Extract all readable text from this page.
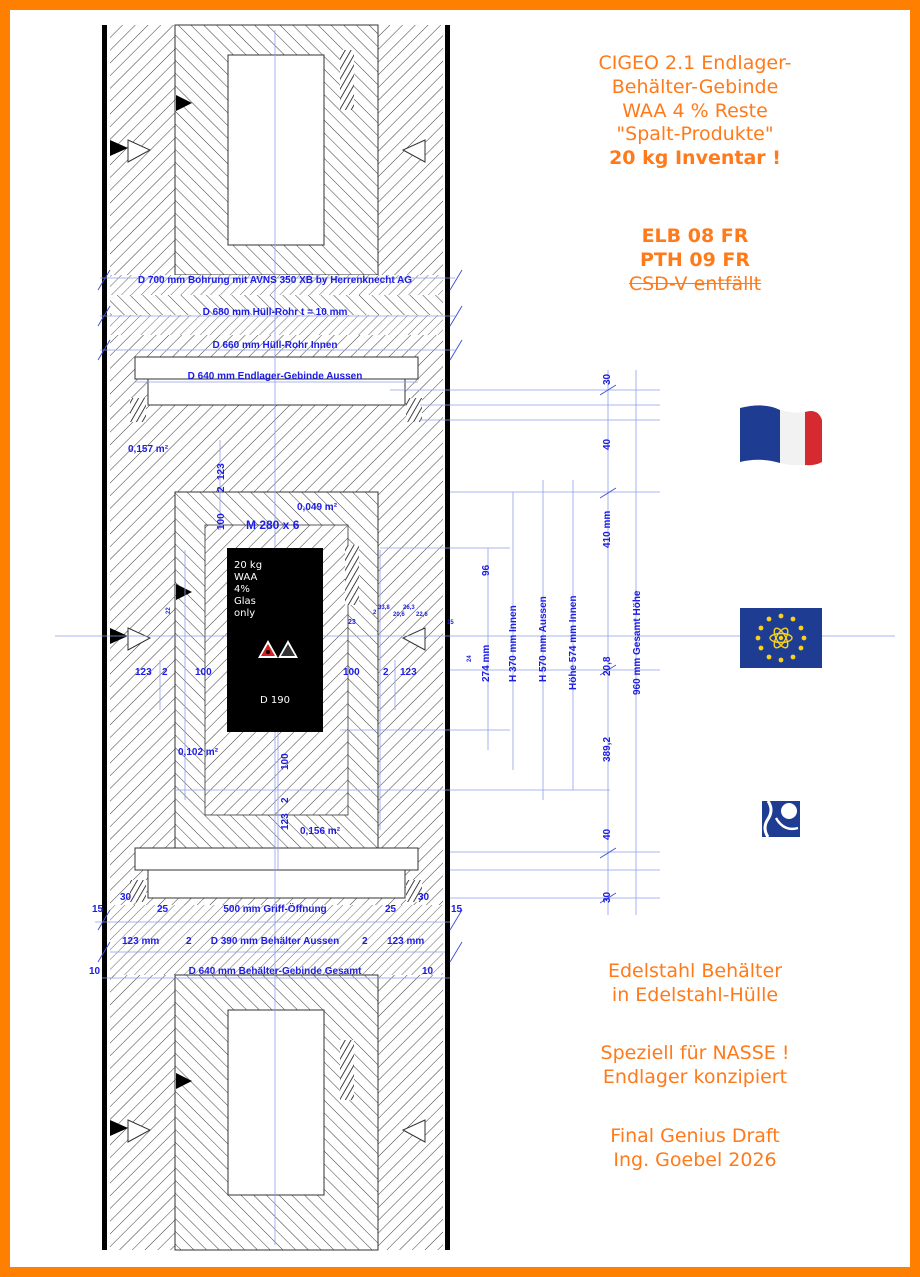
D 700 mm Bohrung mit AVNS 350 XB by Herrenknecht AG
D 680 mm Hüll-Rohr t = 10 mm
D 660 mm Hüll-Rohr Innen
D 640 mm Endlager-Gebinde Aussen
0,157 m²
0,049 m²
M 280 x 6
0,102 m²
0,156 m²
500 mm Griff-Öffnung
D 390 mm Behälter Aussen
D 640 mm Behälter-Gebinde Gesamt
15	15
30	30
25	25
123 mm	123 mm
2	2
10	10
123 2	100	100 2 123
123
2
100
100
2
123
22
23
2
33,8
20,6
26,3
22,6
15
24
96
274 mm H 370 mm Innen H 570 mm Aussen Höhe 574 mm Innen
30
40
410 mm
20,8
389,2
40
30
960 mm Gesamt Höhe
20 kg
WAA
4%
Glas
only
D 190
CIGEO 2.1 Endlager-
Behälter-Gebinde
WAA 4 % Reste
"Spalt-Produkte"
20 kg Inventar !
ELB 08 FR
PTH 09 FR
CSD-V entfällt
Edelstahl Behälter
in Edelstahl-Hülle
Speziell für NASSE !
Endlager konzipiert
Final Genius Draft
Ing. Goebel 2026
